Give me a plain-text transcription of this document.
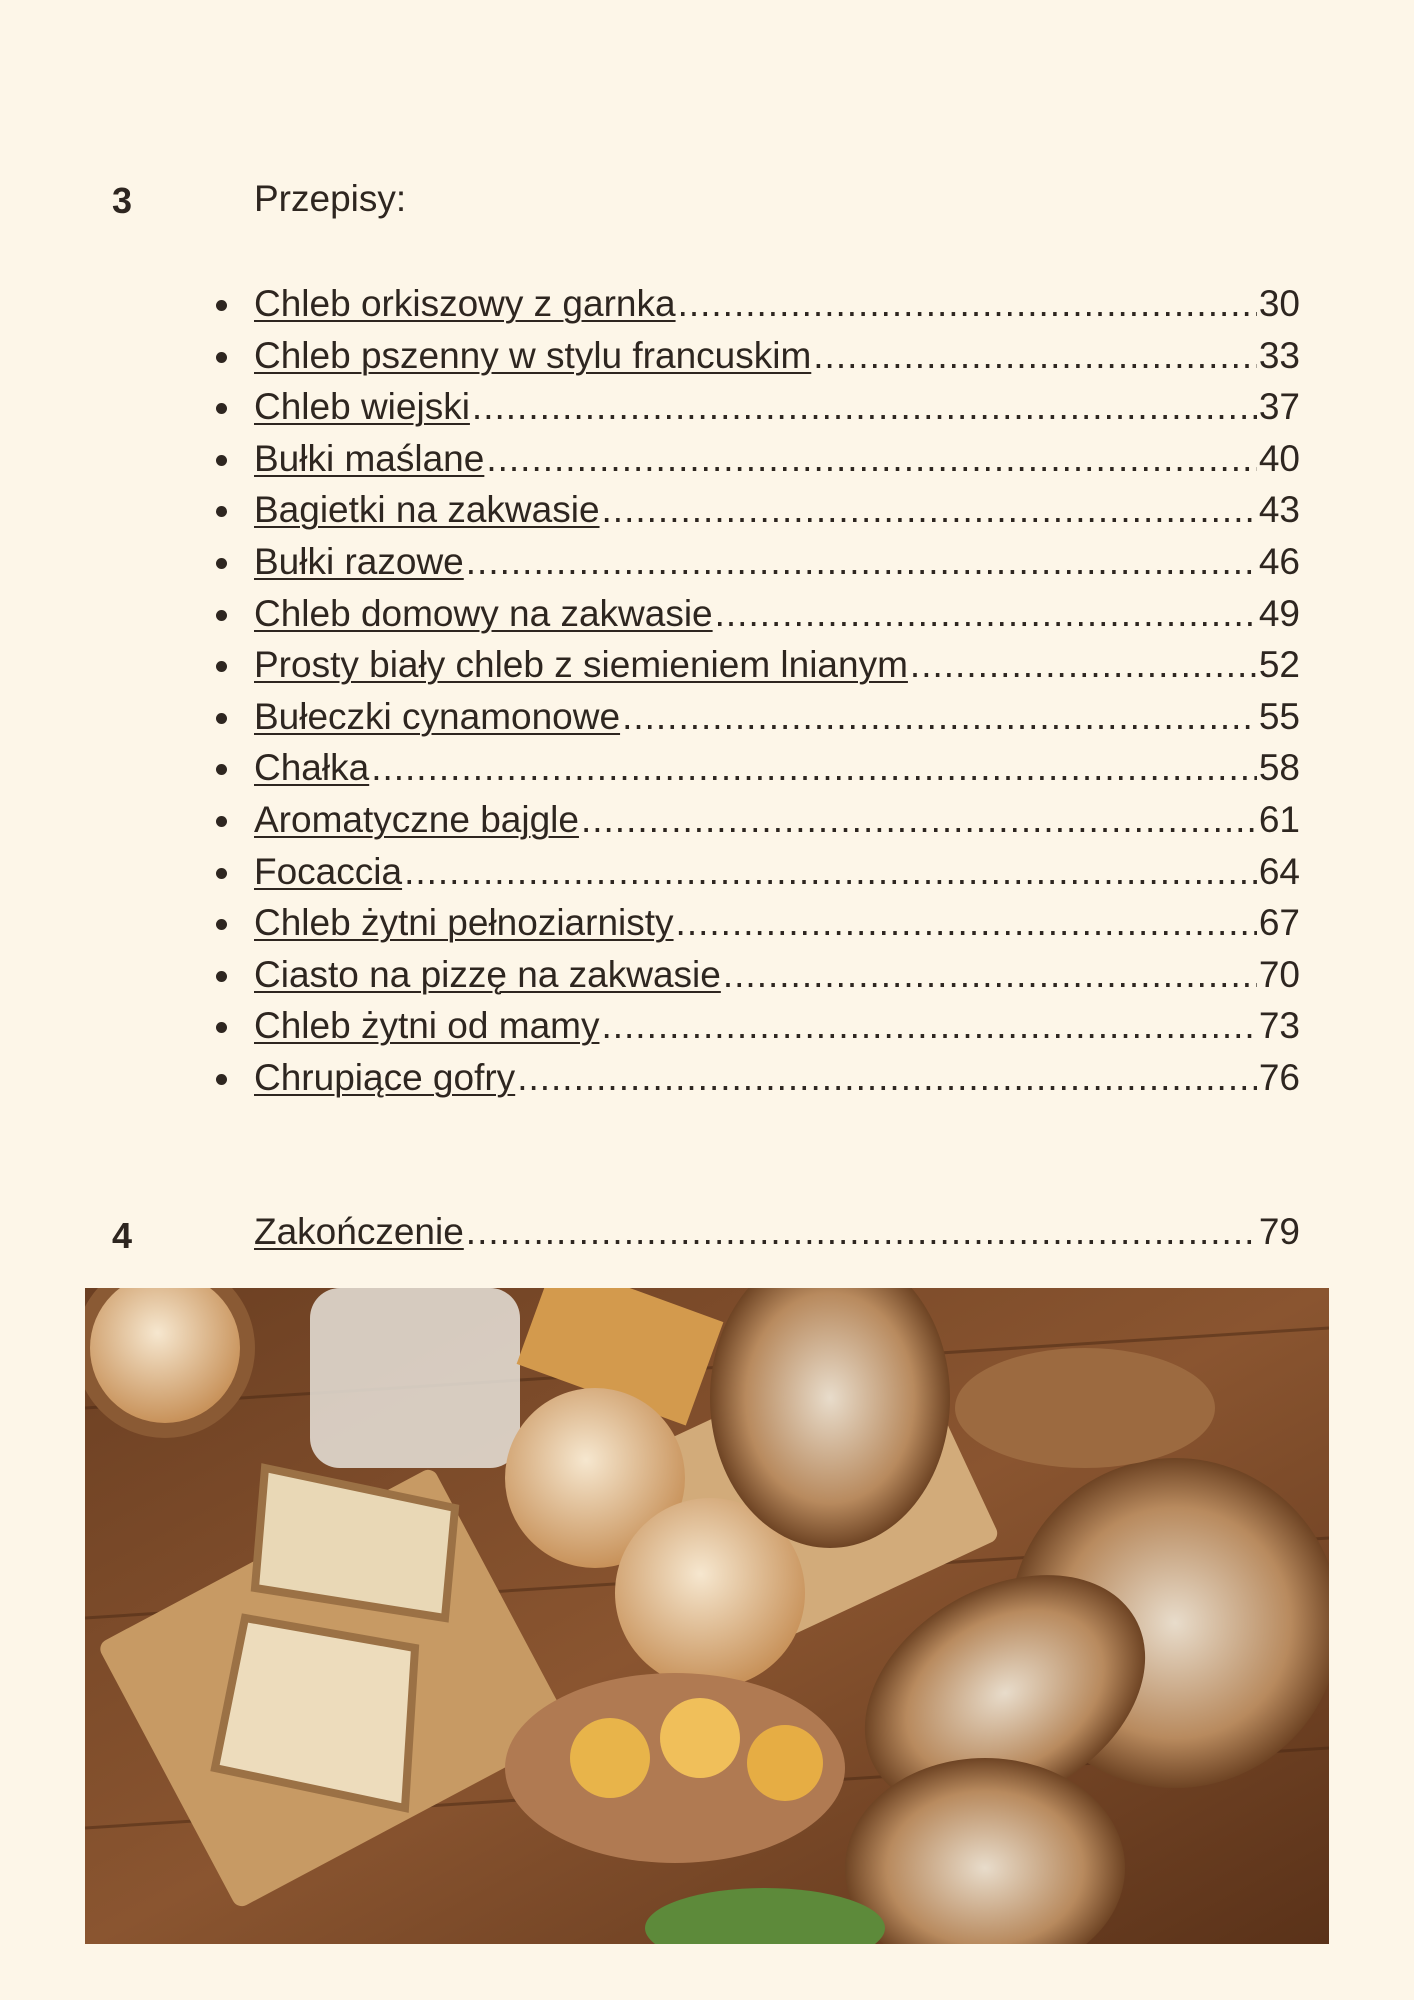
3	Przepisy:
Chleb orkiszowy z garnka .....	30
Chleb pszenny w stylu francuskim .....	33
Chleb wiejski .....	37
Bułki maślane .....	40
Bagietki na zakwasie .....	43
Bułki razowe .....	46
Chleb domowy na zakwasie .....	49
Prosty biały chleb z siemieniem lnianym .....	52
Bułeczki cynamonowe .....	55
Chałka .....	58
Aromatyczne bajgle .....	61
Focaccia .....	64
Chleb żytni pełnoziarnisty .....	67
Ciasto na pizzę na zakwasie .....	70
Chleb żytni od mamy .....	73
Chrupiące gofry .....	76
4	Zakończenie .....	79
